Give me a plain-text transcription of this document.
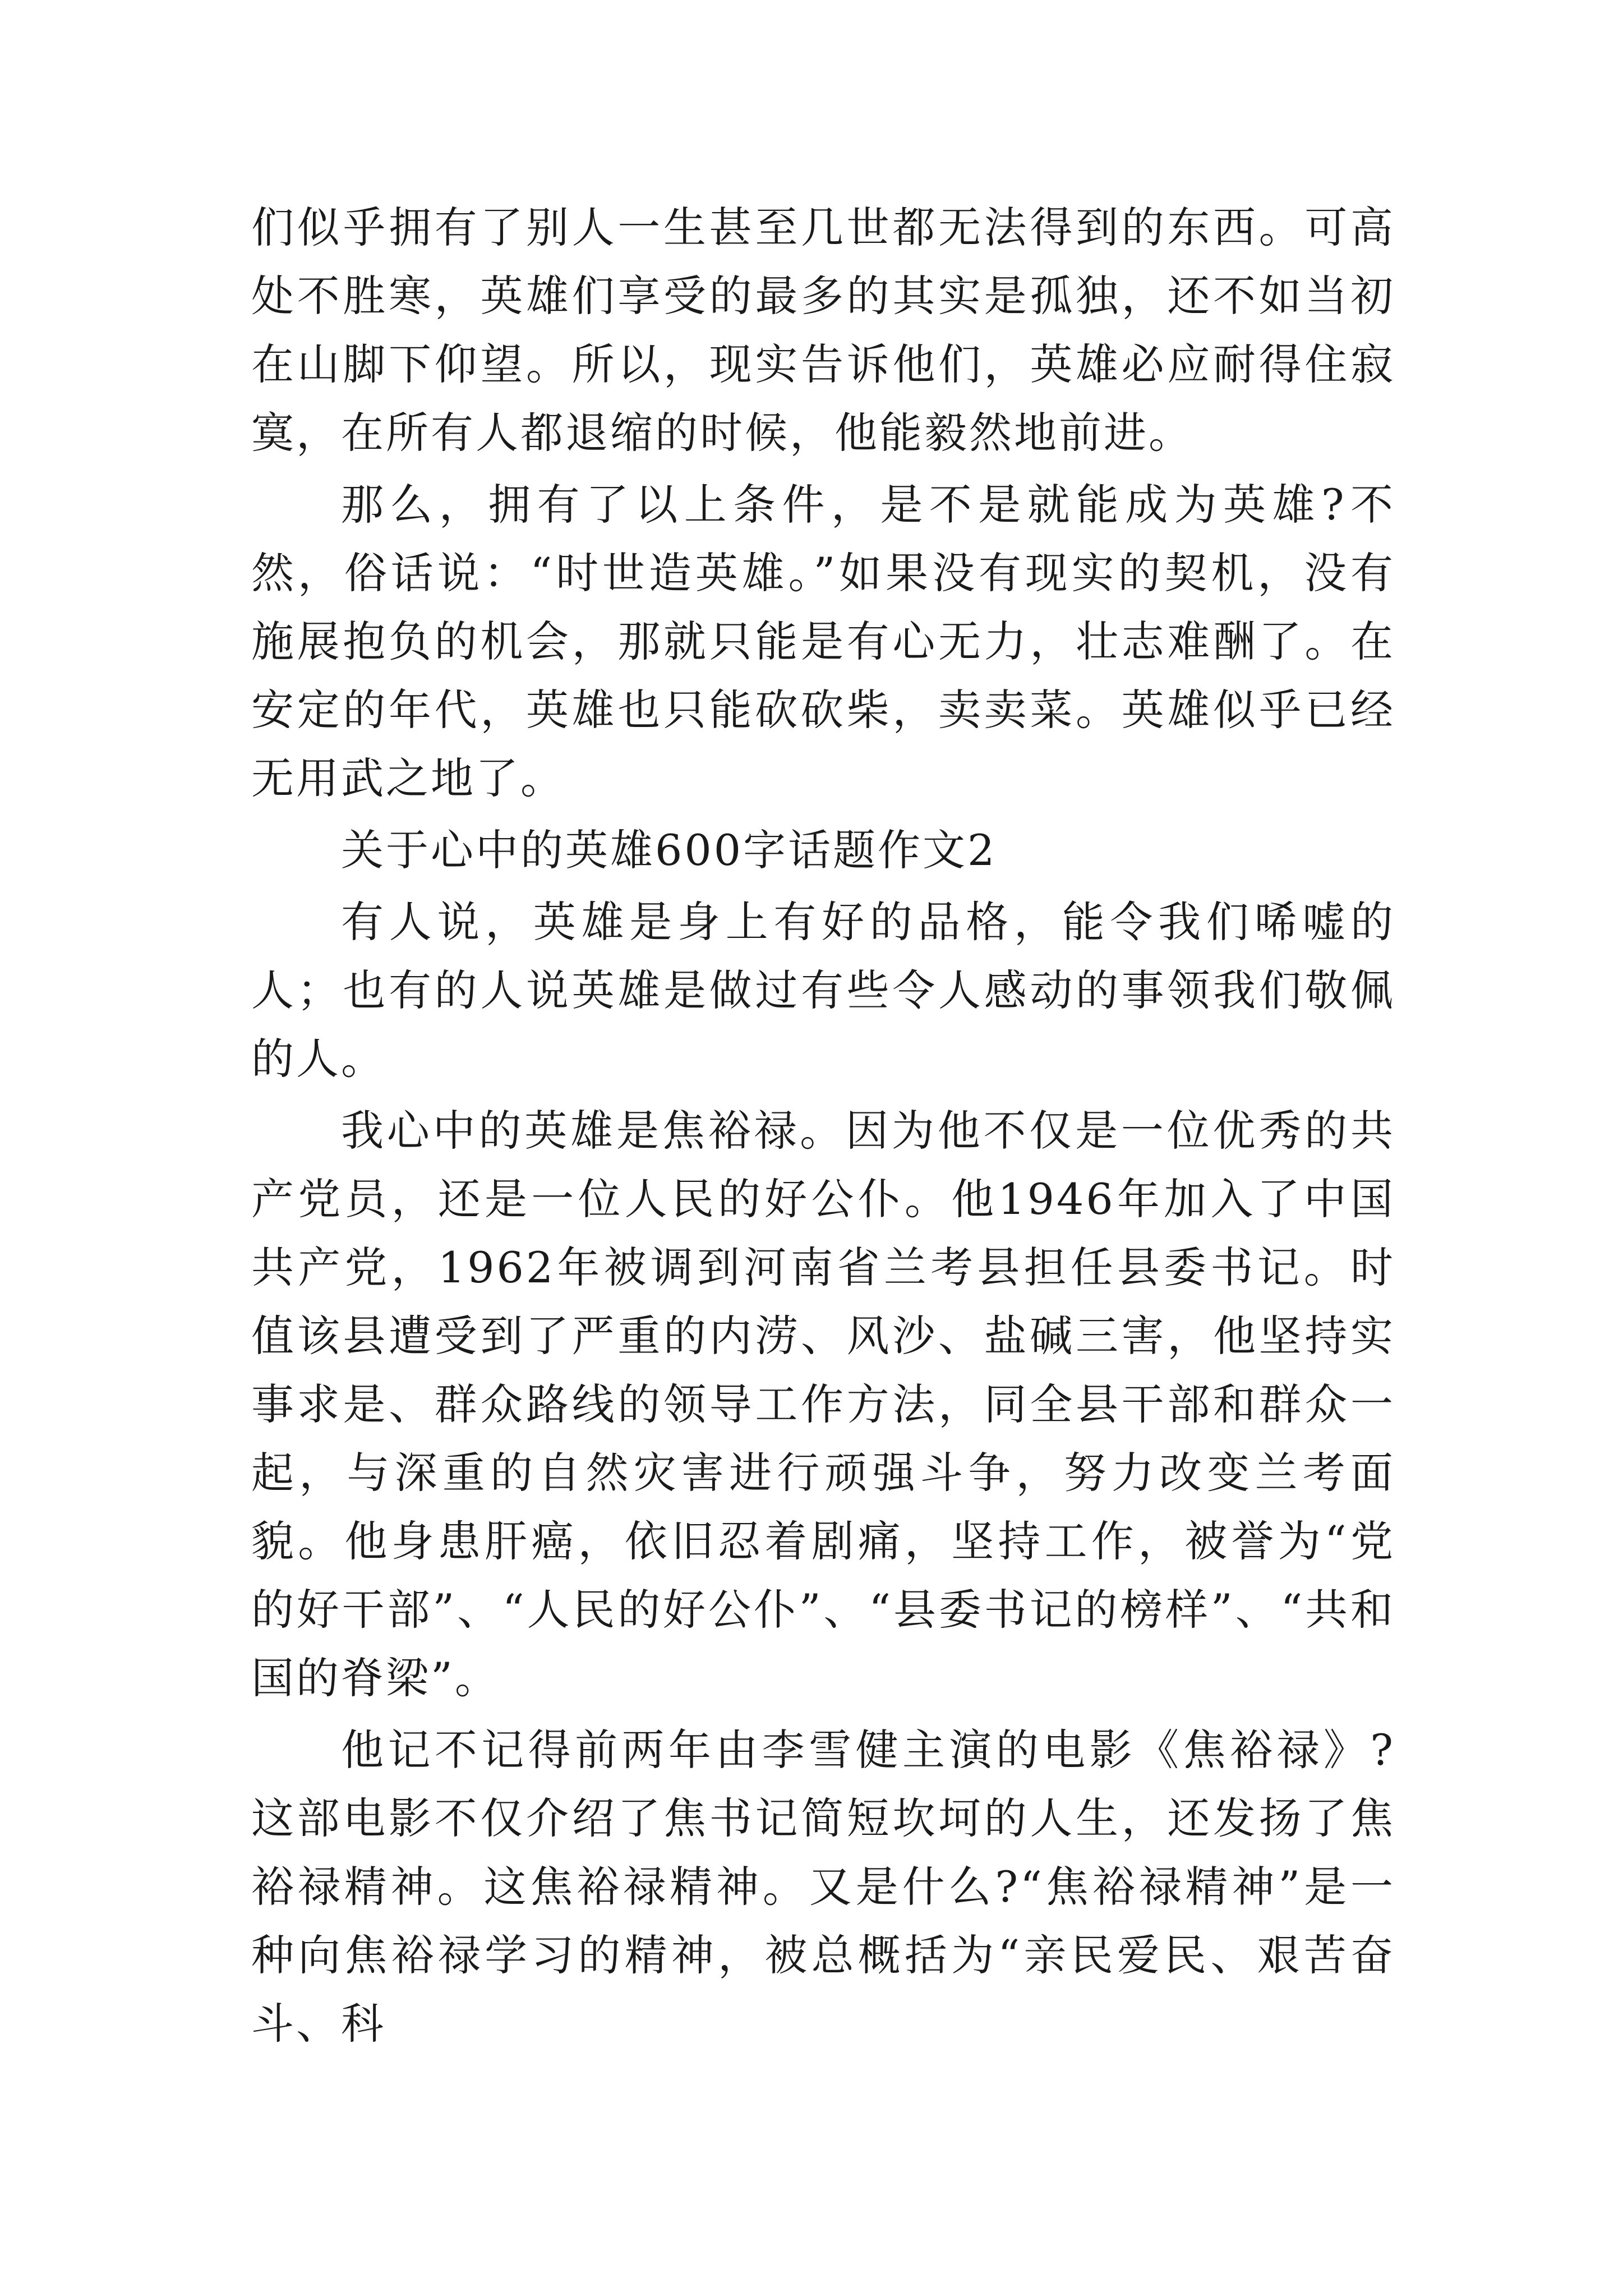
们似乎拥有了别人一生甚至几世都无法得到的东西。可高处不胜寒，英雄们享受的最多的其实是孤独，还不如当初在山脚下仰望。所以，现实告诉他们，英雄必应耐得住寂寞，在所有人都退缩的时候，他能毅然地前进。

那么，拥有了以上条件，是不是就能成为英雄?不然，俗话说：“时世造英雄。”如果没有现实的契机，没有施展抱负的机会，那就只能是有心无力，壮志难酬了。在安定的年代，英雄也只能砍砍柴，卖卖菜。英雄似乎已经无用武之地了。

关于心中的英雄600字话题作文2

有人说，英雄是身上有好的品格，能令我们唏嘘的人；也有的人说英雄是做过有些令人感动的事领我们敬佩的人。

我心中的英雄是焦裕禄。因为他不仅是一位优秀的共产党员，还是一位人民的好公仆。他1946年加入了中国共产党，1962年被调到河南省兰考县担任县委书记。时值该县遭受到了严重的内涝、风沙、盐碱三害，他坚持实事求是、群众路线的领导工作方法，同全县干部和群众一起，与深重的自然灾害进行顽强斗争，努力改变兰考面貌。他身患肝癌，依旧忍着剧痛，坚持工作，被誉为“党的好干部”、“人民的好公仆”、“县委书记的榜样”、“共和国的脊梁”。

他记不记得前两年由李雪健主演的电影《焦裕禄》?这部电影不仅介绍了焦书记简短坎坷的人生，还发扬了焦裕禄精神。这焦裕禄精神。又是什么?“焦裕禄精神”是一种向焦裕禄学习的精神，被总概括为“亲民爱民、艰苦奋斗、科
